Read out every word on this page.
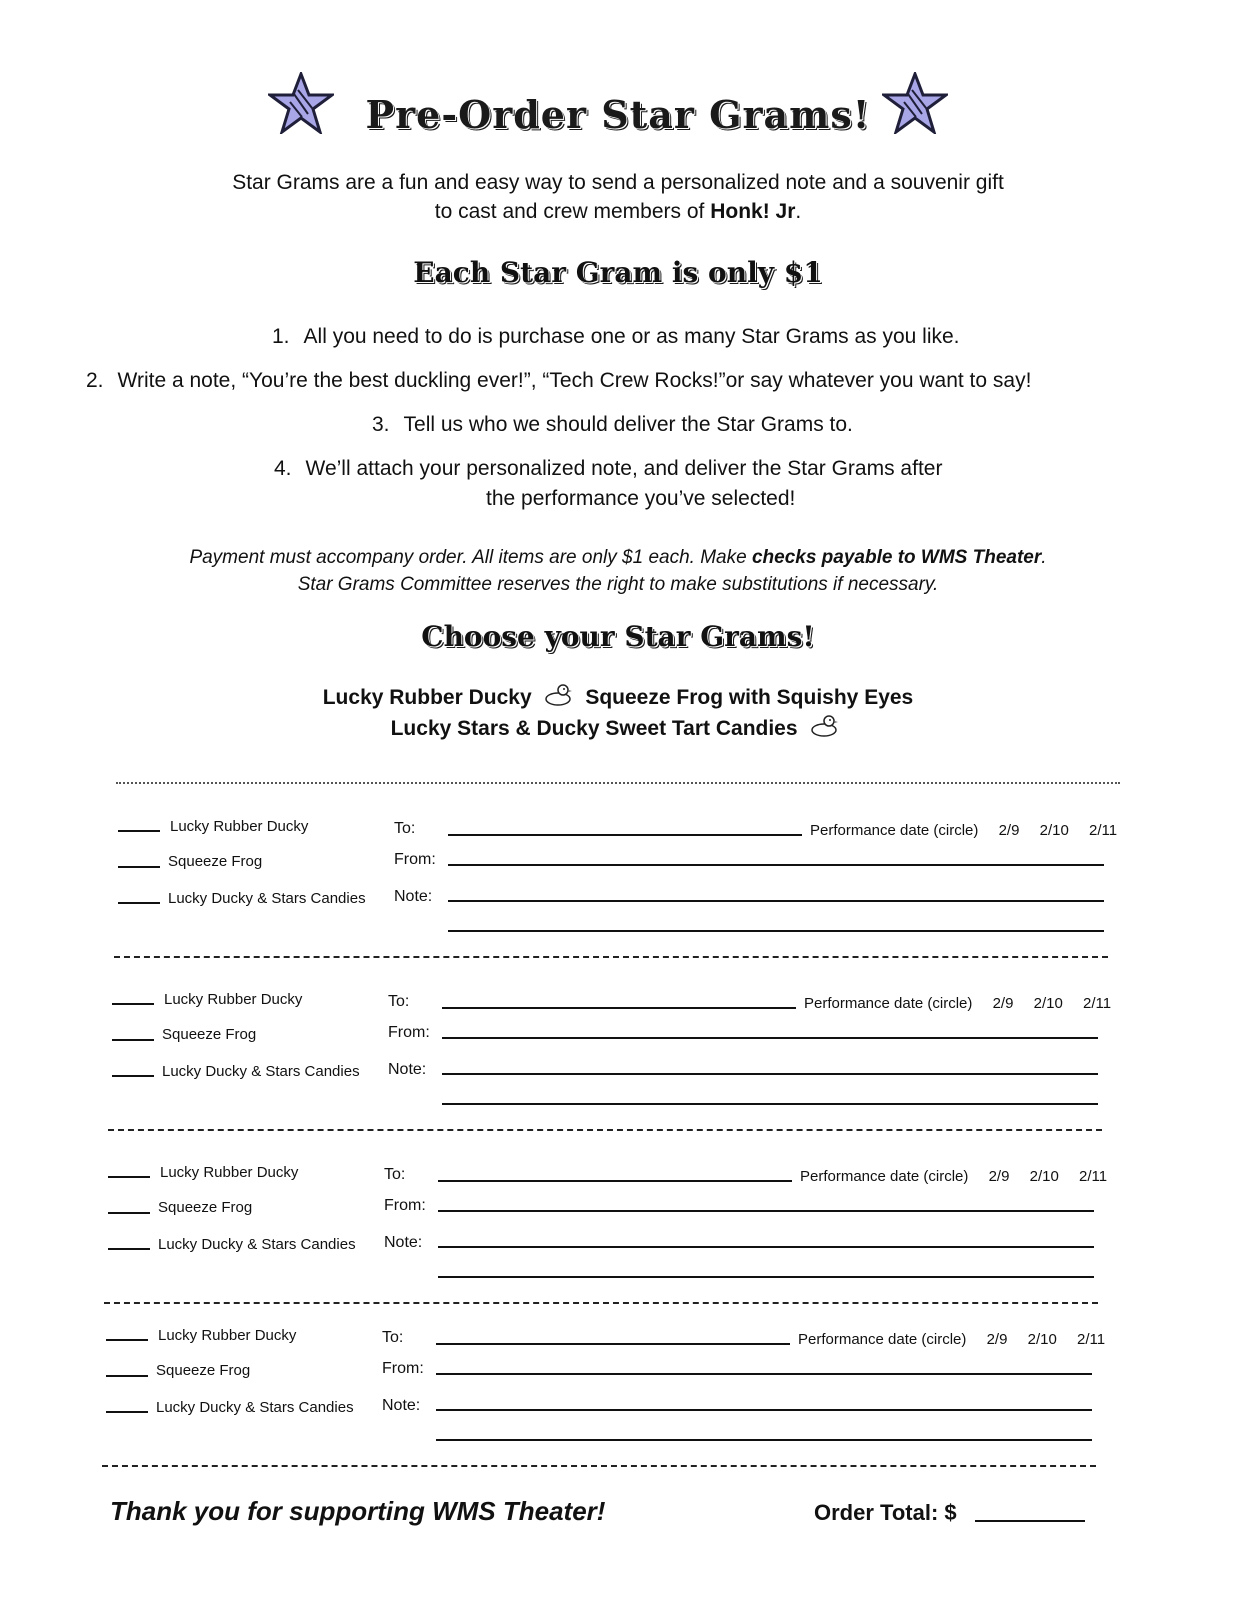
Pre-Order Star Grams!
Star Grams are a fun and easy way to send a personalized note and a souvenir gift
to cast and crew members of Honk! Jr.
Each Star Gram is only $1
1. All you need to do is purchase one or as many Star Grams as you like.
2. Write a note, “You’re the best duckling ever!”, “Tech Crew Rocks!”or say whatever you want to say!
3. Tell us who we should deliver the Star Grams to.
4. We’ll attach your personalized note, and deliver the Star Grams after
the performance you’ve selected!
Payment must accompany order. All items are only $1 each. Make checks payable to WMS Theater.
Star Grams Committee reserves the right to make substitutions if necessary.
Choose your Star Grams!
Lucky Rubber Ducky	Squeeze Frog with Squishy Eyes
Lucky Stars & Ducky Sweet Tart Candies
Lucky Rubber Ducky
Squeeze Frog
Lucky Ducky & Stars Candies
To:	Performance date (circle) 2/9 2/10 2/11
From:
Note:
Lucky Rubber Ducky
Squeeze Frog
Lucky Ducky & Stars Candies
To:	Performance date (circle) 2/9 2/10 2/11
From:
Note:
Lucky Rubber Ducky
Squeeze Frog
Lucky Ducky & Stars Candies
To:	Performance date (circle) 2/9 2/10 2/11
From:
Note:
Lucky Rubber Ducky
Squeeze Frog
Lucky Ducky & Stars Candies
To:	Performance date (circle) 2/9 2/10 2/11
From:
Note:
Thank you for supporting WMS Theater!	Order Total: $
